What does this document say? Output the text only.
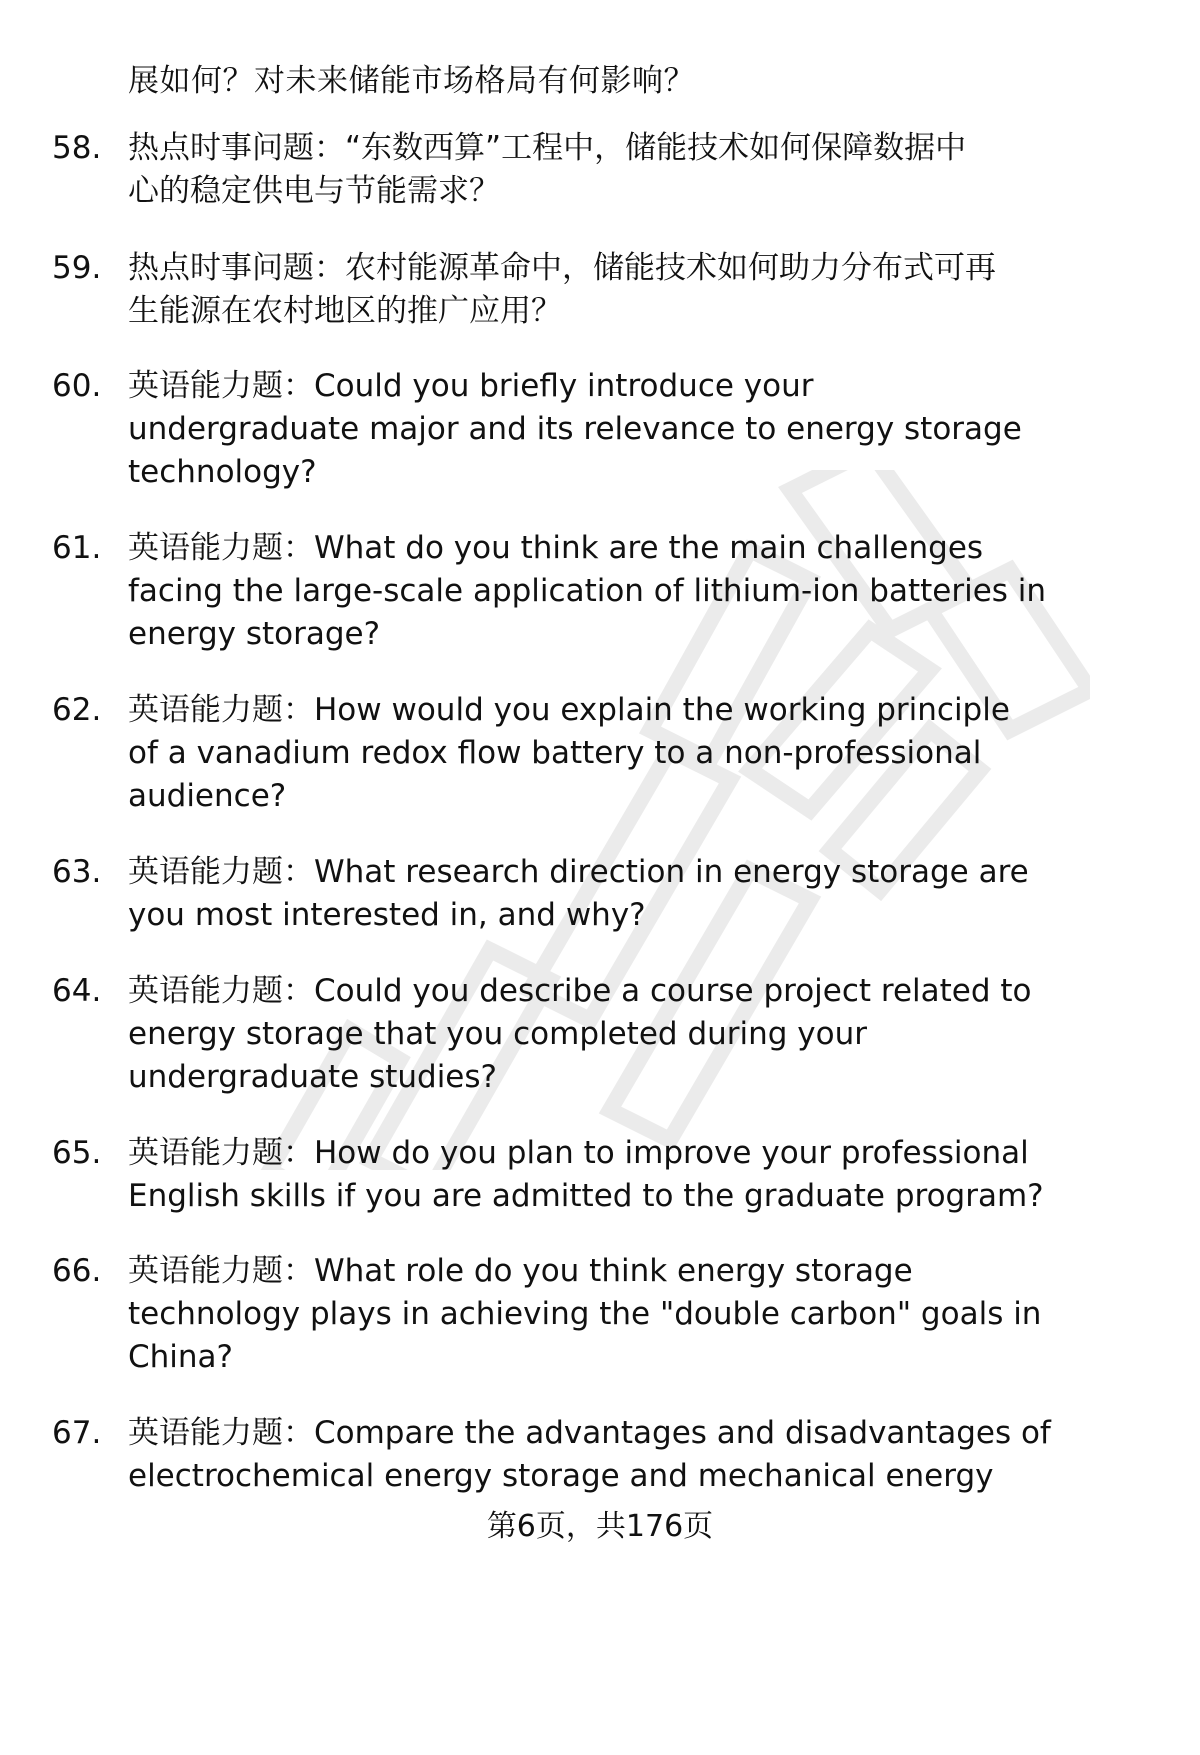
展如何？对未来储能市场格局有何影响？
58. 热点时事问题：“东数西算”工程中，储能技术如何保障数据中
心的稳定供电与节能需求？
59. 热点时事问题：农村能源革命中，储能技术如何助力分布式可再
生能源在农村地区的推广应用？
60. 英语能力题：Could you briefly introduce your
undergraduate major and its relevance to energy storage
technology?
61. 英语能力题：What do you think are the main challenges
facing the large-scale application of lithium-ion batteries in
energy storage?
62. 英语能力题：How would you explain the working principle
of a vanadium redox flow battery to a non-professional
audience?
63. 英语能力题：What research direction in energy storage are
you most interested in, and why?
64. 英语能力题：Could you describe a course project related to
energy storage that you completed during your
undergraduate studies?
65. 英语能力题：How do you plan to improve your professional
English skills if you are admitted to the graduate program?
66. 英语能力题：What role do you think energy storage
technology plays in achieving the "double carbon" goals in
China?
67. 英语能力题：Compare the advantages and disadvantages of
electrochemical energy storage and mechanical energy
第6页，共176页
